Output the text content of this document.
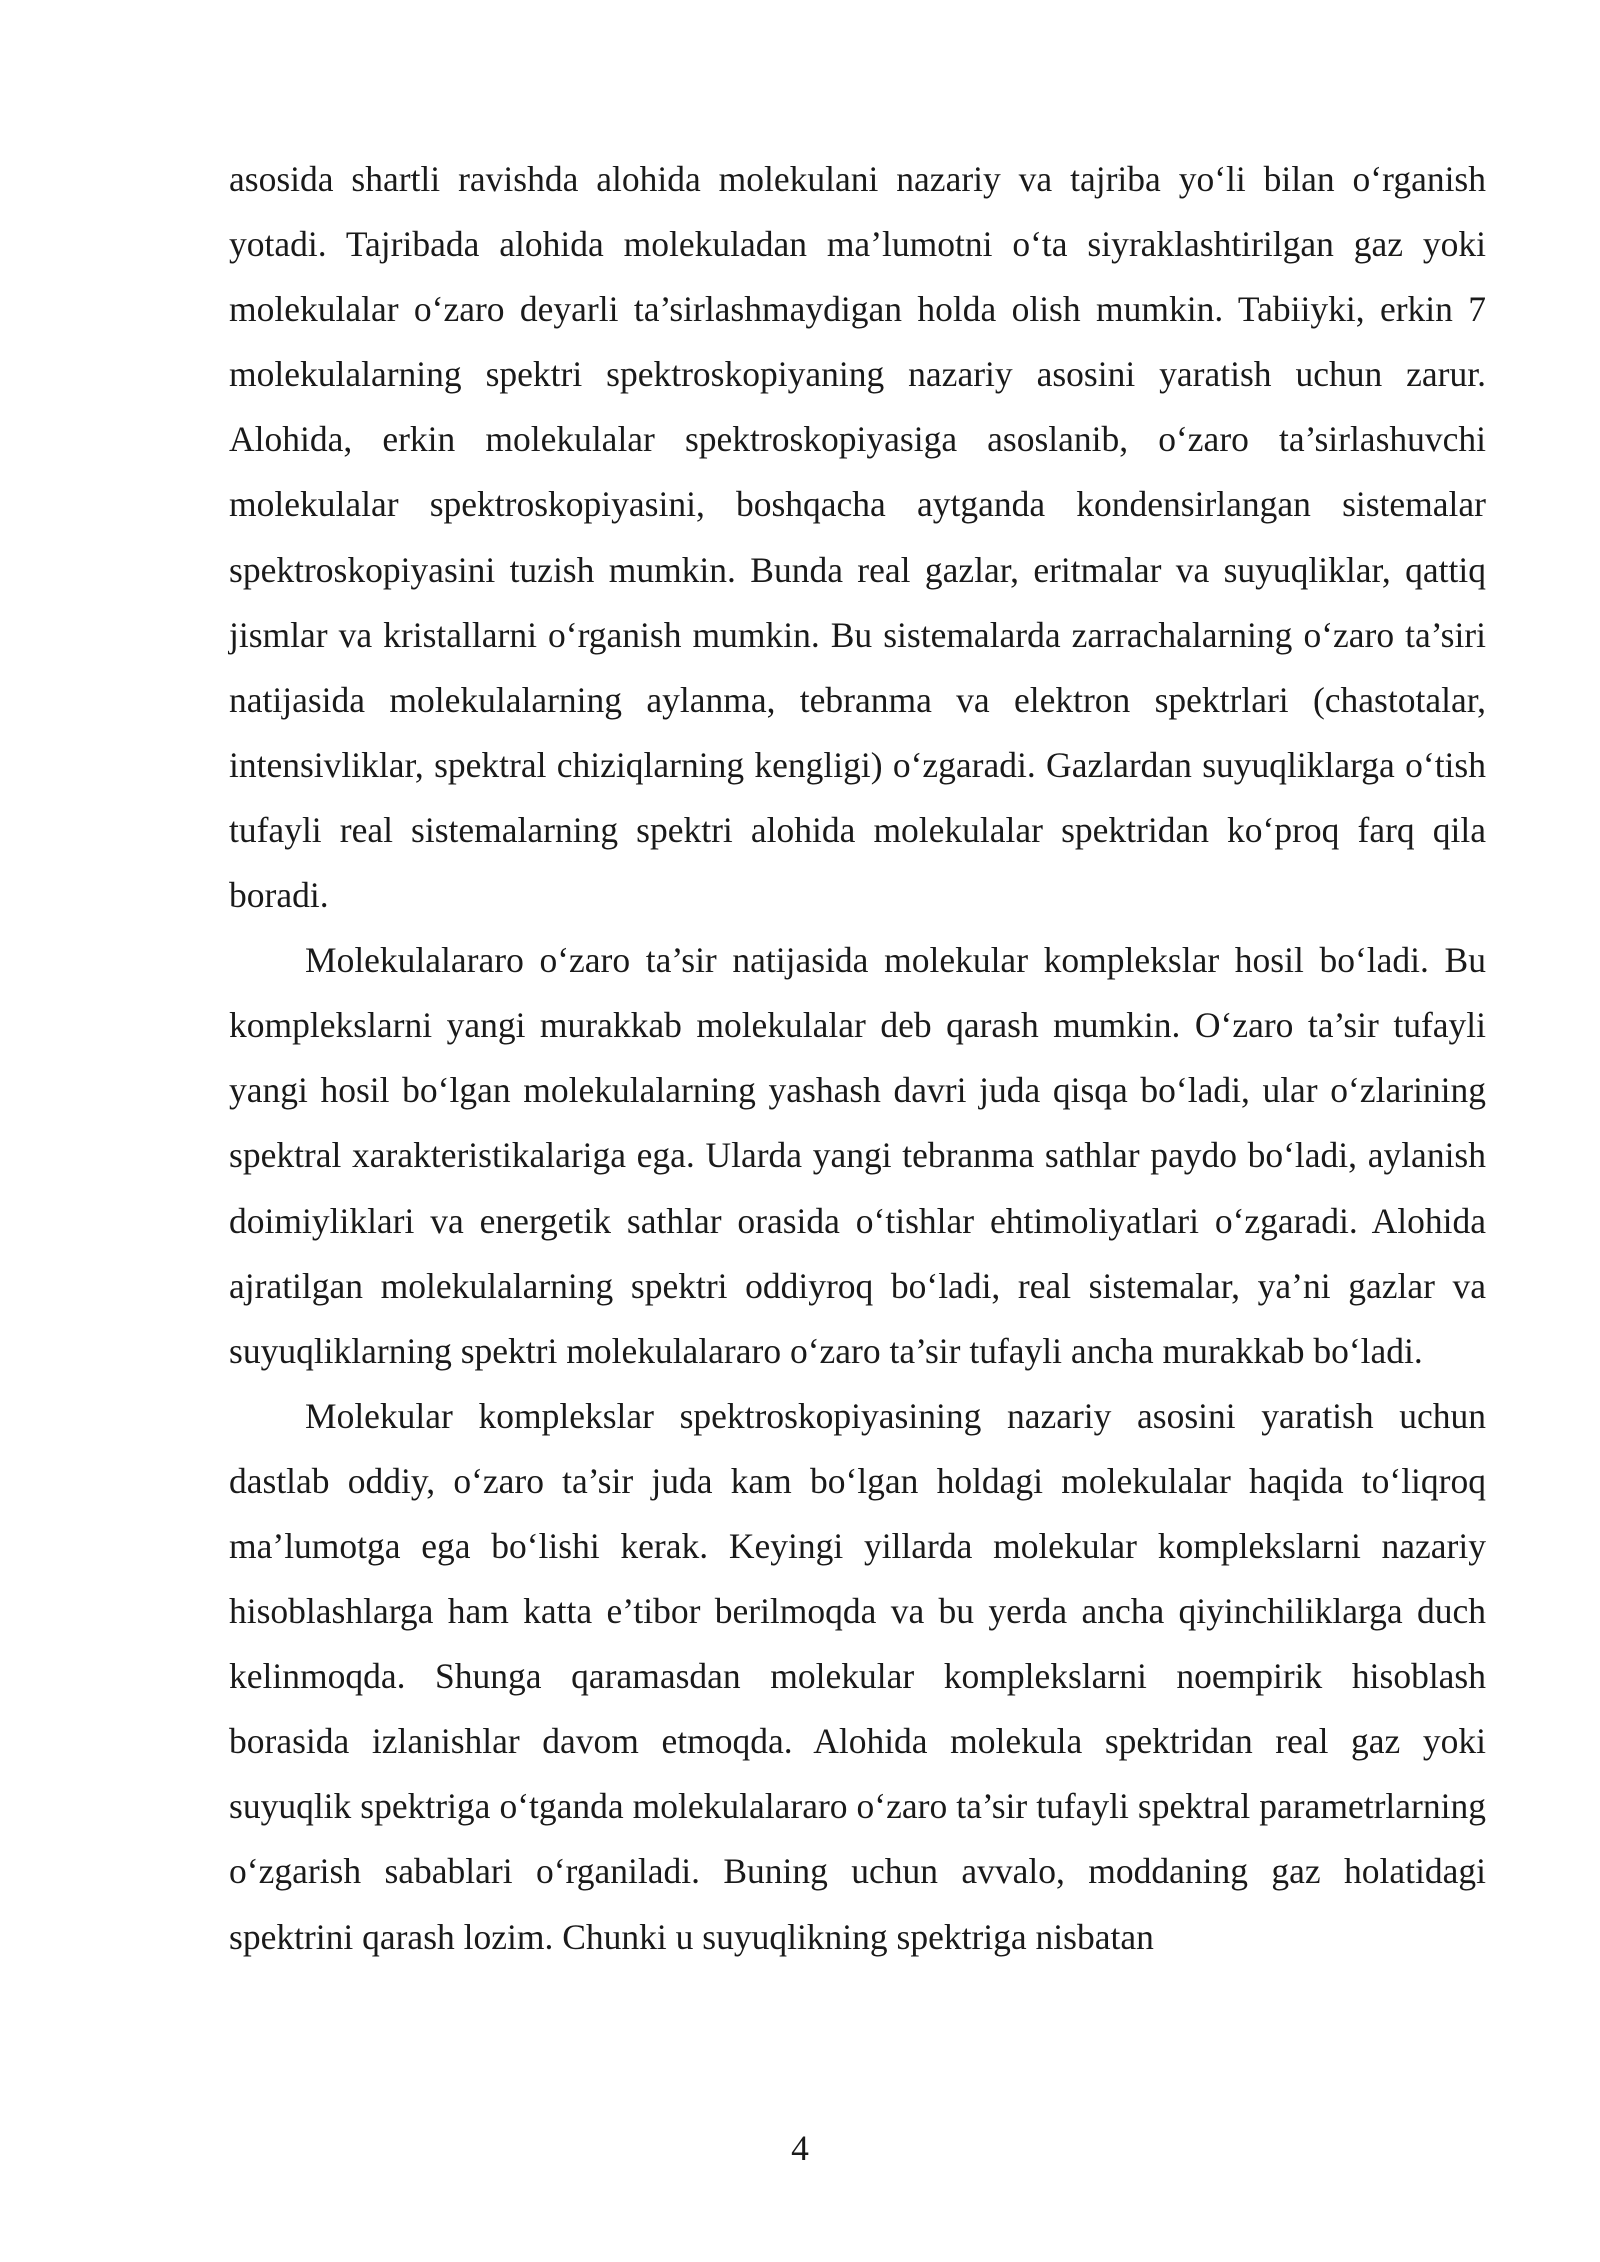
asosida shartli ravishda alohida molekulani nazariy va tajriba yo‘li bilan o‘rganish yotadi. Tajribada alohida molekuladan ma’lumotni o‘ta siyraklashtirilgan gaz yoki molekulalar o‘zaro deyarli ta’sirlashmaydigan holda olish mumkin. Tabiiyki, erkin 7 molekulalarning spektri spektroskopiyaning nazariy asosini yaratish uchun zarur. Alohida, erkin molekulalar spektroskopiyasiga asoslanib, o‘zaro ta’sirlashuvchi molekulalar spektroskopiyasini, boshqacha aytganda kondensirlangan sistemalar spektroskopiyasini tuzish mumkin. Bunda real gazlar, eritmalar va suyuqliklar, qattiq jismlar va kristallarni o‘rganish mumkin. Bu sistemalarda zarrachalarning o‘zaro ta’siri natijasida molekulalarning aylanma, tebranma va elektron spektrlari (chastotalar, intensivliklar, spektral chiziqlarning kengligi) o‘zgaradi. Gazlardan suyuqliklarga o‘tish tufayli real sistemalarning spektri alohida molekulalar spektridan ko‘proq farq qila boradi.

Molekulalararo o‘zaro ta’sir natijasida molekular komplekslar hosil bo‘ladi. Bu komplekslarni yangi murakkab molekulalar deb qarash mumkin. O‘zaro ta’sir tufayli yangi hosil bo‘lgan molekulalarning yashash davri juda qisqa bo‘ladi, ular o‘zlarining spektral xarakteristikalariga ega. Ularda yangi tebranma sathlar paydo bo‘ladi, aylanish doimiyliklari va energetik sathlar orasida o‘tishlar ehtimoliyatlari o‘zgaradi. Alohida ajratilgan molekulalarning spektri oddiyroq bo‘ladi, real sistemalar, ya’ni gazlar va suyuqliklarning spektri molekulalararo o‘zaro ta’sir tufayli ancha murakkab bo‘ladi.

Molekular komplekslar spektroskopiyasining nazariy asosini yaratish uchun dastlab oddiy, o‘zaro ta’sir juda kam bo‘lgan holdagi molekulalar haqida to‘liqroq ma’lumotga ega bo‘lishi kerak. Keyingi yillarda molekular komplekslarni nazariy hisoblashlarga ham katta e’tibor berilmoqda va bu yerda ancha qiyinchiliklarga duch kelinmoqda. Shunga qaramasdan molekular komplekslarni noempirik hisoblash borasida izlanishlar davom etmoqda. Alohida molekula spektridan real gaz yoki suyuqlik spektriga o‘tganda molekulalararo o‘zaro ta’sir tufayli spektral parametrlarning o‘zgarish sabablari o‘rganiladi. Buning uchun avvalo, moddaning gaz holatidagi spektrini qarash lozim. Chunki u suyuqlikning spektriga nisbatan

4
